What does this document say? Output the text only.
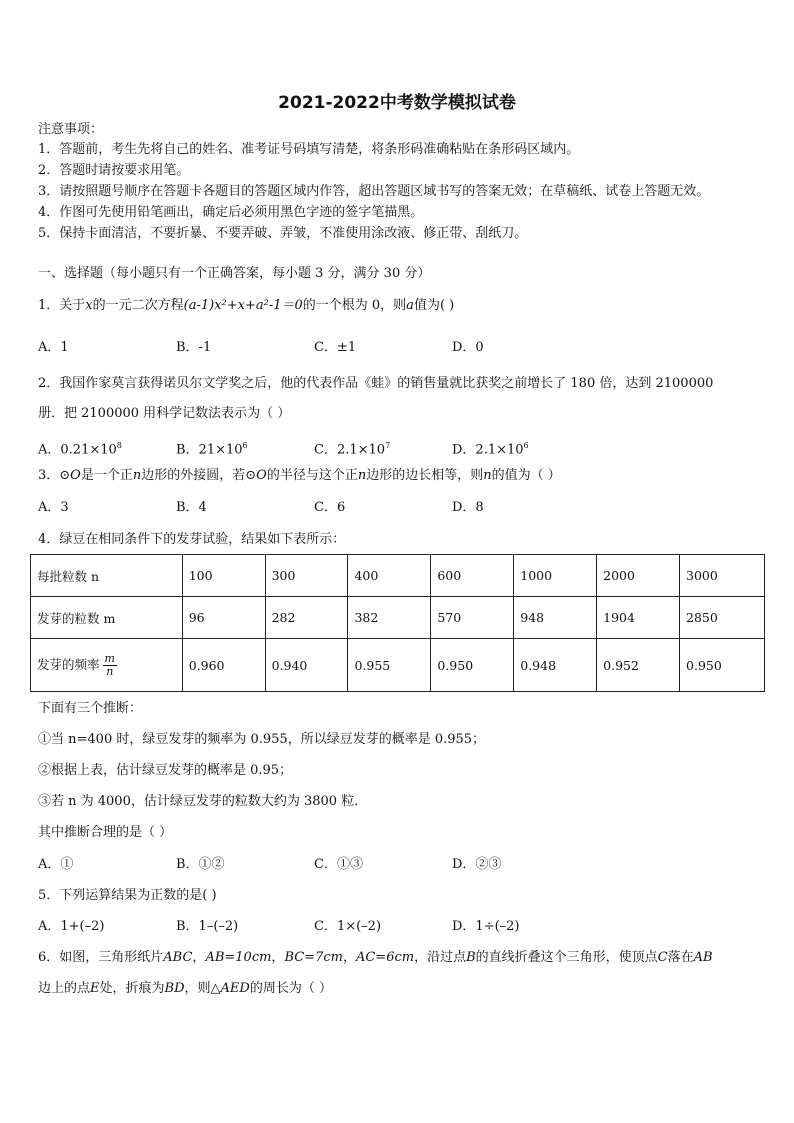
2021-2022中考数学模拟试卷
注意事项：
1．答题前，考生先将自己的姓名、准考证号码填写清楚，将条形码准确粘贴在条形码区域内。
2．答题时请按要求用笔。
3．请按照题号顺序在答题卡各题目的答题区域内作答，超出答题区域书写的答案无效；在草稿纸、试卷上答题无效。
4．作图可先使用铅笔画出，确定后必须用黑色字迹的签字笔描黑。
5．保持卡面清洁，不要折暴、不要弄破、弄皱，不准使用涂改液、修正带、刮纸刀。
一、选择题（每小题只有一个正确答案，每小题 3 分，满分 30 分）
1．关于x的一元二次方程(a-1)x²+x+a²-1＝0的一个根为 0，则a值为( )
A．1	B．-1	C．±1	D．0
2．我国作家莫言获得诺贝尔文学奖之后，他的代表作品《蛙》的销售量就比获奖之前增长了 180 倍，达到 2100000
册．把 2100000 用科学记数法表示为（ ）
A．$0.21\times 10^8$	B．$21\times 10^6$	C．$2.1\times 10^7$	D．$2.1\times 10^6$
3．⊙O是一个正n边形的外接圆，若⊙O的半径与这个正n边形的边长相等，则n的值为（ ）
A．3	B．4	C．6	D．8
4．绿豆在相同条件下的发芽试验，结果如下表所示：
每批粒数 n	100	300	400	600	1000	2000	3000
发芽的粒数 m	96	282	382	570	948	1904	2850
发芽的频率 $\frac{m}{n}$	0.960	0.940	0.955	0.950	0.948	0.952	0.950
下面有三个推断：
①当 n=400 时，绿豆发芽的频率为 0.955，所以绿豆发芽的概率是 0.955；
②根据上表，估计绿豆发芽的概率是 0.95；
③若 n 为 4000，估计绿豆发芽的粒数大约为 3800 粒．
其中推断合理的是（ ）
A．①	B．①②	C．①③	D．②③
5．下列运算结果为正数的是( )
A．1+(–2)	B．1–(–2)	C．1×(–2)	D．1÷(–2)
6．如图，三角形纸片ABC，AB=10cm，BC=7cm，AC=6cm，沿过点B的直线折叠这个三角形，使顶点C落在AB
边上的点E处，折痕为BD，则△AED的周长为（ ）
